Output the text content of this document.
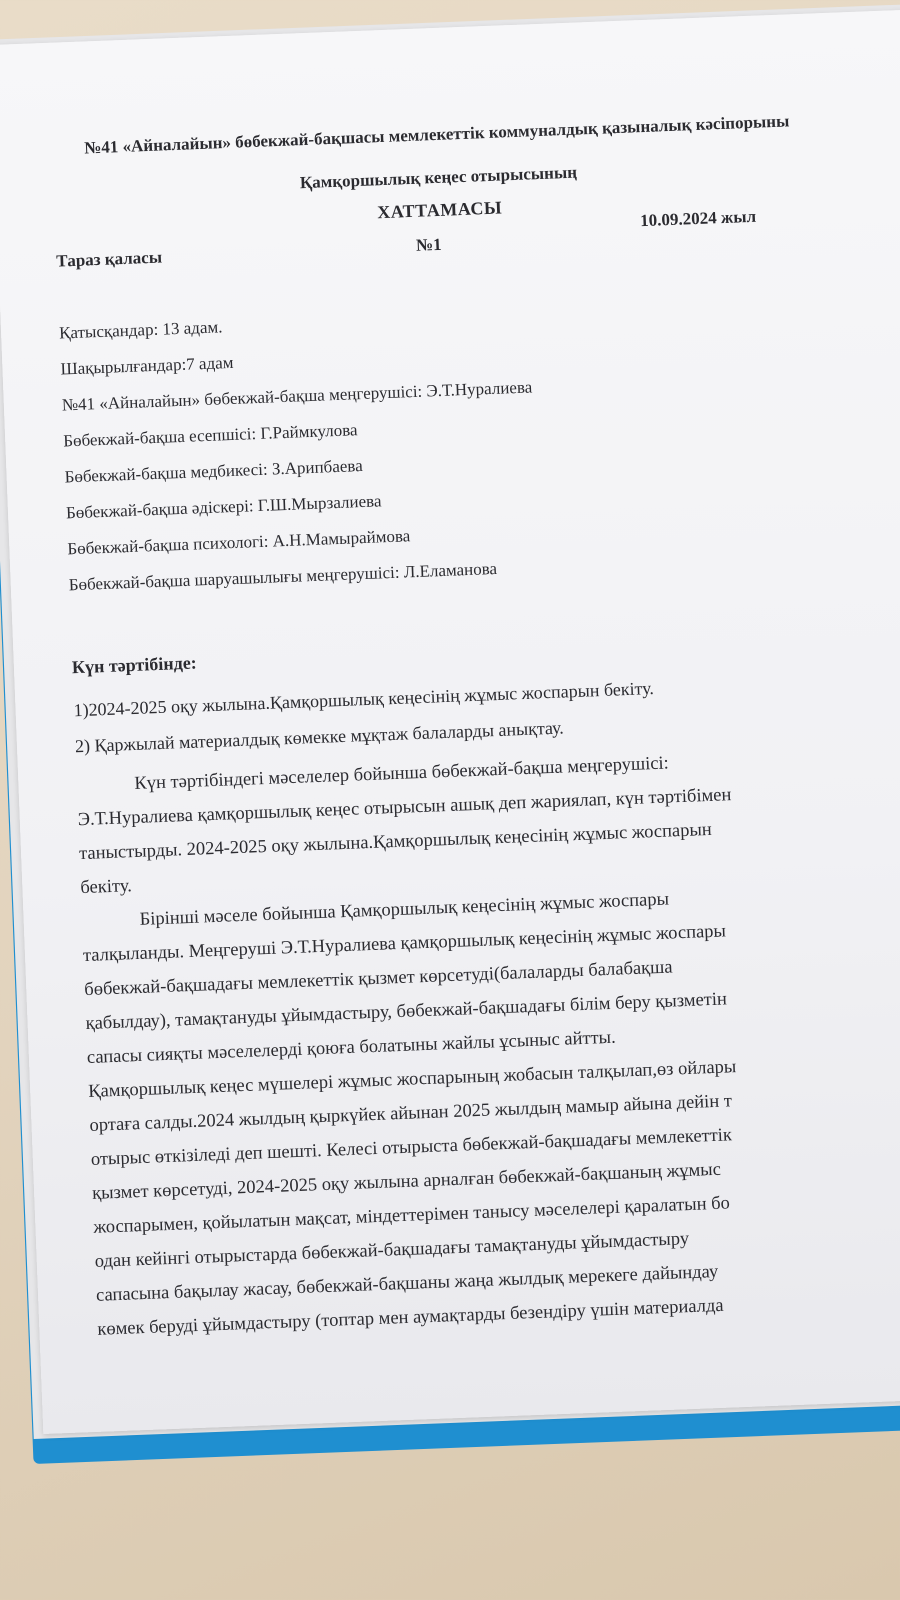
№41 «Айналайын» бөбекжай-бақшасы мемлекеттік коммуналдық қазыналық кәсіпорыны
Қамқоршылық кеңес отырысының
ХАТТАМАСЫ
Тараз қаласы
№1
10.09.2024 жыл
Қатысқандар: 13 адам.
Шақырылғандар:7 адам
№41 «Айналайын» бөбекжай-бақша меңгерушісі: Э.Т.Нуралиева
Бөбекжай-бақша есепшісі: Г.Раймкулова
Бөбекжай-бақша медбикесі: З.Арипбаева
Бөбекжай-бақша әдіскері: Г.Ш.Мырзалиева
Бөбекжай-бақша психологі: А.Н.Мамыраймова
Бөбекжай-бақша шаруашылығы меңгерушісі: Л.Еламанова
Күн тәртібінде:
1)2024-2025 оқу жылына.Қамқоршылық кеңесінің жұмыс жоспарын бекіту.
2) Қаржылай материалдық көмекке мұқтаж балаларды анықтау.
Күн тәртібіндегі мәселелер бойынша бөбекжай-бақша меңгерушісі:
Э.Т.Нуралиева қамқоршылық кеңес отырысын ашық деп жариялап, күн тәртібімен
таныстырды. 2024-2025 оқу жылына.Қамқоршылық кеңесінің жұмыс жоспарын
бекіту.
Бірінші мәселе бойынша Қамқоршылық кеңесінің жұмыс жоспары
талқыланды. Меңгеруші Э.Т.Нуралиева қамқоршылық кеңесінің жұмыс жоспары
бөбекжай-бақшадағы мемлекеттік қызмет көрсетуді(балаларды балабақша
қабылдау), тамақтануды ұйымдастыру, бөбекжай-бақшадағы білім беру қызметін
сапасы сияқты мәселелерді қоюға болатыны жайлы ұсыныс айтты.
Қамқоршылық кеңес мүшелері жұмыс жоспарының жобасын талқылап,өз ойлары
ортаға салды.2024 жылдың қыркүйек айынан 2025 жылдың мамыр айына дейін т
отырыс өткізіледі деп шешті. Келесі отырыста бөбекжай-бақшадағы мемлекеттік
қызмет көрсетуді, 2024-2025 оқу жылына арналған бөбекжай-бақшаның жұмыс
жоспарымен, қойылатын мақсат, міндеттерімен танысу мәселелері қаралатын бо
одан кейінгі отырыстарда бөбекжай-бақшадағы тамақтануды ұйымдастыру
сапасына бақылау жасау, бөбекжай-бақшаны жаңа жылдық мерекеге дайындау
көмек беруді ұйымдастыру (топтар мен аумақтарды безендіру үшін материалда
